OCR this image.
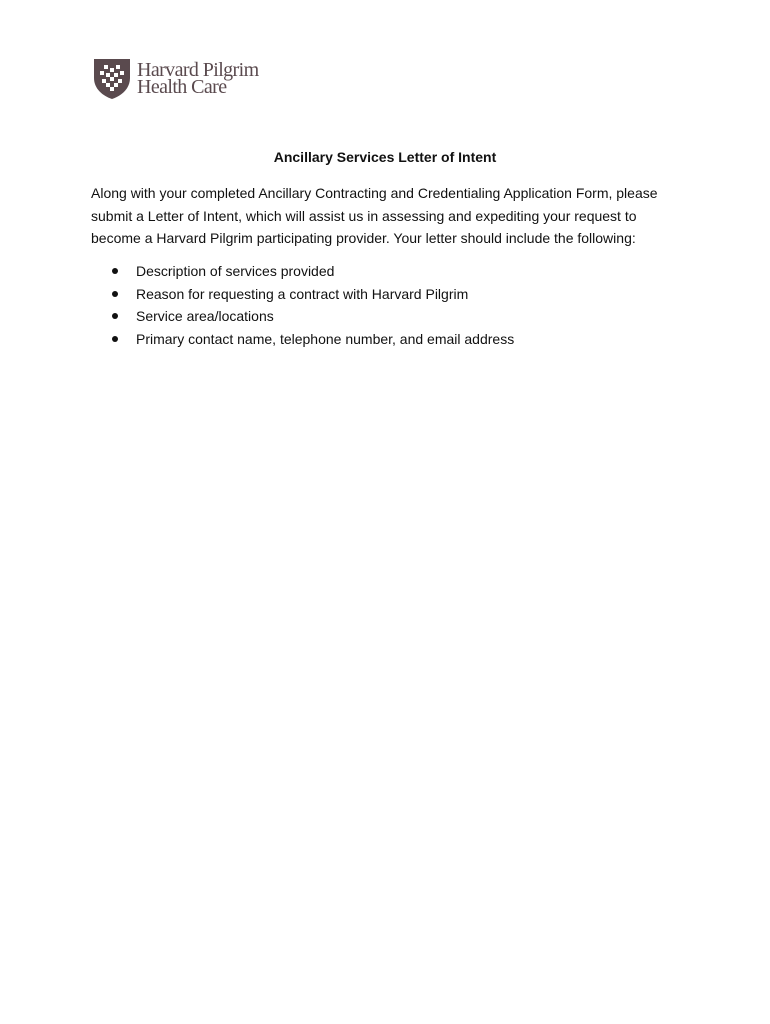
Harvard Pilgrim
Health Care
Ancillary Services Letter of Intent

Along with your completed Ancillary Contracting and Credentialing Application Form, please submit a Letter of Intent, which will assist us in assessing and expediting your request to become a Harvard Pilgrim participating provider. Your letter should include the following:

Description of services provided
Reason for requesting a contract with Harvard Pilgrim
Service area/locations
Primary contact name, telephone number, and email address
